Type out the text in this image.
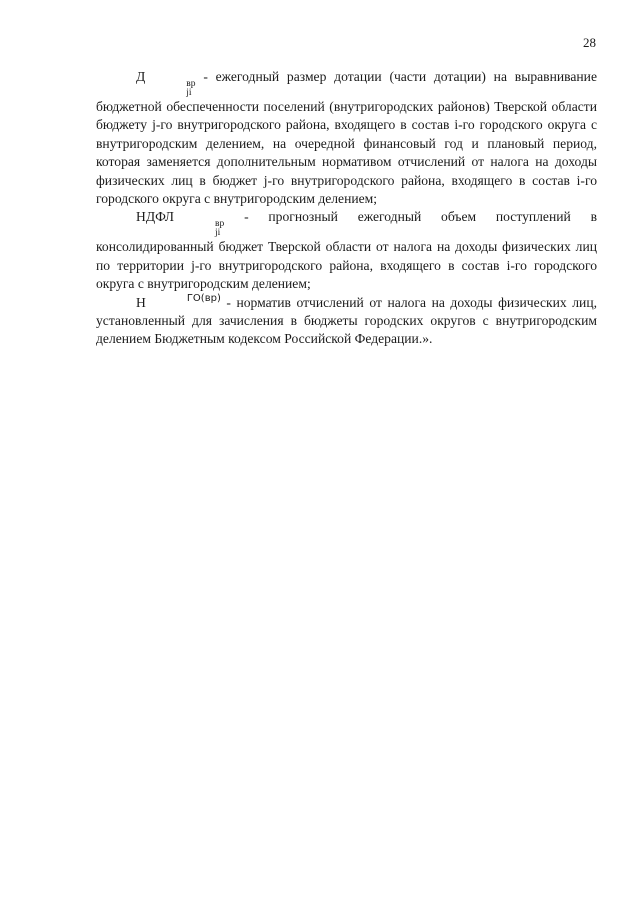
28

Д	вр
ji
- ежегодный размер дотации (части дотации) на выравнивание бюджетной обеспеченности поселений (внутригородских районов) Тверской области бюджету j-го внутригородского района, входящего в состав i-го городского округа с внутригородским делением, на очередной финансовый год и плановый период, которая заменяется дополнительным нормативом отчислений от налога на доходы физических лиц в бюджет j-го внутригородского района, входящего в состав i-го городского округа с внутригородским делением;

НДФЛ	вр
ji
- прогнозный ежегодный объем поступлений в консолидированный бюджет Тверской области от налога на доходы физических лиц по территории j-го внутригородского района, входящего в состав i-го городского округа с внутригородским делением;

Н	ГО(вр) - норматив отчислений от налога на доходы физических лиц, установленный для зачисления в бюджеты городских округов с внутригородским делением Бюджетным кодексом Российской Федерации.».
